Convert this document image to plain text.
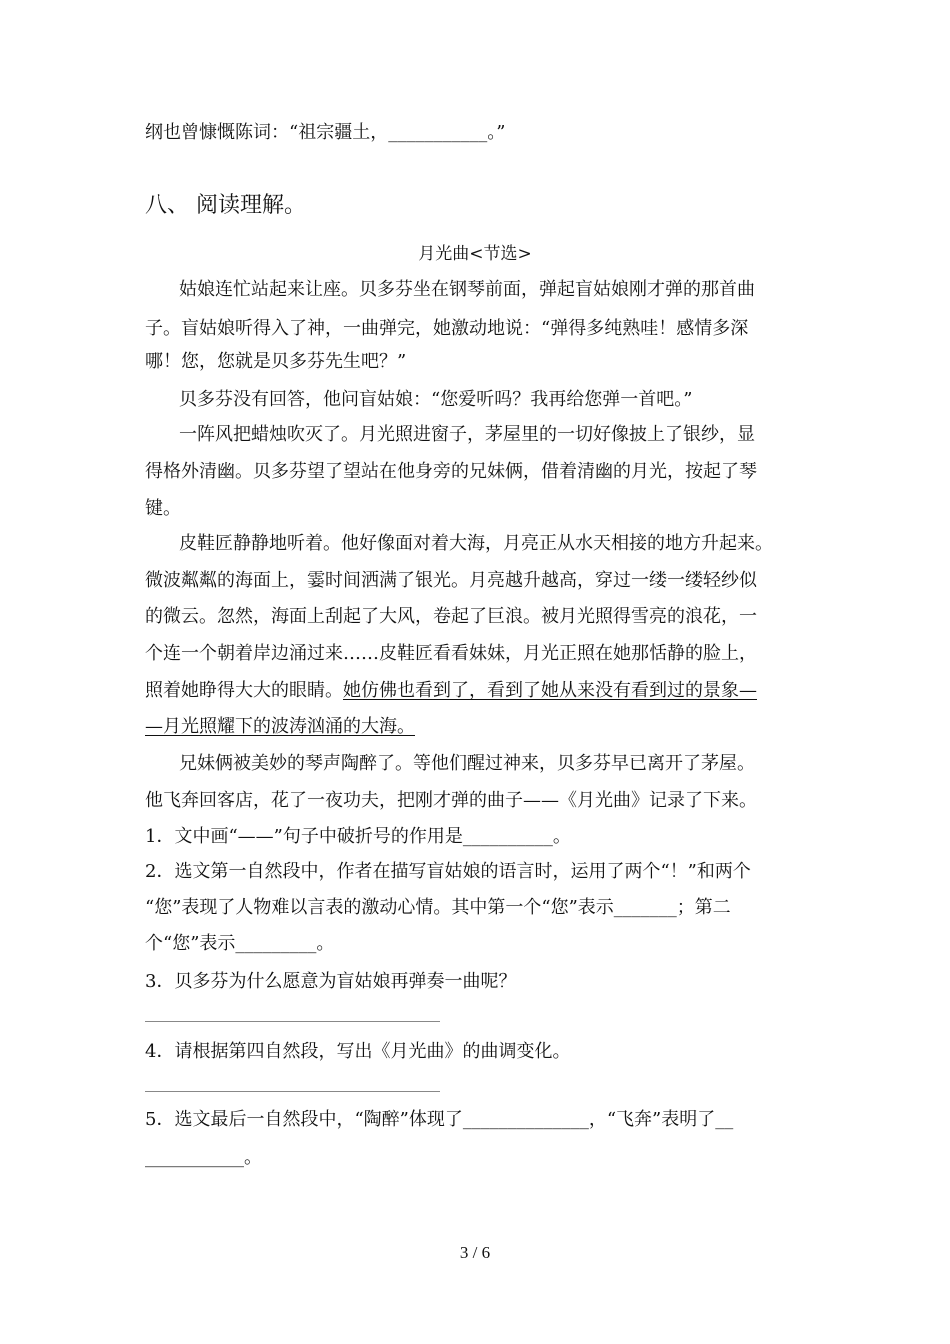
纲也曾慷慨陈词：“祖宗疆土，___________。”
八、 阅读理解。
月光曲<节选>
姑娘连忙站起来让座。贝多芬坐在钢琴前面，弹起盲姑娘刚才弹的那首曲
子。盲姑娘听得入了神，一曲弹完，她激动地说：“弹得多纯熟哇！感情多深
哪！您，您就是贝多芬先生吧？”
贝多芬没有回答，他问盲姑娘：“您爱听吗？我再给您弹一首吧。”
一阵风把蜡烛吹灭了。月光照进窗子，茅屋里的一切好像披上了银纱，显
得格外清幽。贝多芬望了望站在他身旁的兄妹俩，借着清幽的月光，按起了琴
键。
皮鞋匠静静地听着。他好像面对着大海，月亮正从水天相接的地方升起来。
微波粼粼的海面上，霎时间洒满了银光。月亮越升越高，穿过一缕一缕轻纱似
的微云。忽然，海面上刮起了大风，卷起了巨浪。被月光照得雪亮的浪花，一
个连一个朝着岸边涌过来……皮鞋匠看看妹妹，月光正照在她那恬静的脸上，
照着她睁得大大的眼睛。她仿佛也看到了，看到了她从来没有看到过的景象—
—月光照耀下的波涛汹涌的大海。
兄妹俩被美妙的琴声陶醉了。等他们醒过神来，贝多芬早已离开了茅屋。
他飞奔回客店，花了一夜功夫，把刚才弹的曲子——《月光曲》记录了下来。
1．文中画“——”句子中破折号的作用是__________。
2．选文第一自然段中，作者在描写盲姑娘的语言时，运用了两个“！”和两个
“您”表现了人物难以言表的激动心情。其中第一个“您”表示_______；第二
个“您”表示_________。
3．贝多芬为什么愿意为盲姑娘再弹奏一曲呢？
4．请根据第四自然段，写出《月光曲》的曲调变化。
5．选文最后一自然段中，“陶醉”体现了______________，“飞奔”表明了__
___________。
3 / 6
